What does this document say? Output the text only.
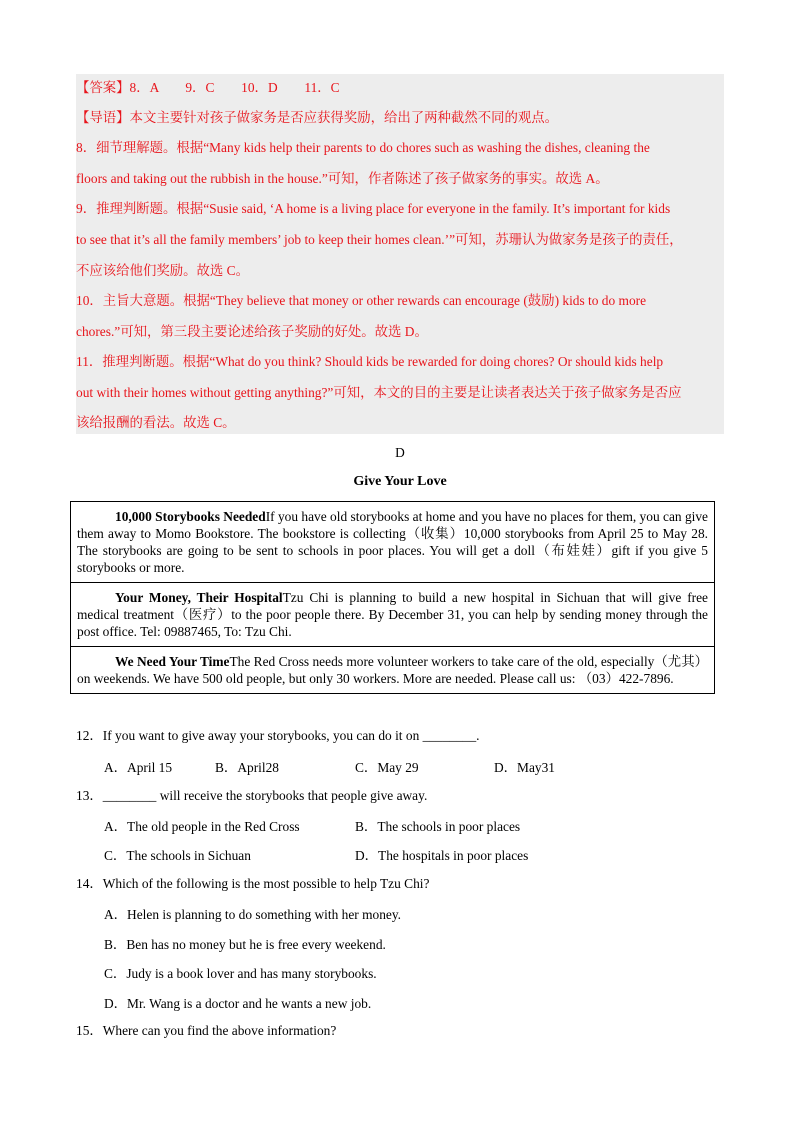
【答案】8．A　　9．C　　10．D　　11．C
【导语】本文主要针对孩子做家务是否应获得奖励，给出了两种截然不同的观点。
8．细节理解题。根据“Many kids help their parents to do chores such as washing the dishes, cleaning the
floors and taking out the rubbish in the house.”可知，作者陈述了孩子做家务的事实。故选 A。
9．推理判断题。根据“Susie said, ‘A home is a living place for everyone in the family. It’s important for kids
to see that it’s all the family members’ job to keep their homes clean.’”可知，苏珊认为做家务是孩子的责任，
不应该给他们奖励。故选 C。
10．主旨大意题。根据“They believe that money or other rewards can encourage (鼓励) kids to do more
chores.”可知，第三段主要论述给孩子奖励的好处。故选 D。
11．推理判断题。根据“What do you think? Should kids be rewarded for doing chores? Or should kids help
out with their homes without getting anything?”可知，本文的目的主要是让读者表达关于孩子做家务是否应
该给报酬的看法。故选 C。
D
Give Your Love
10,000 Storybooks NeededIf you have old storybooks at home and you have no places for them, you can give them away to Momo Bookstore. The bookstore is collecting（收集）10,000 storybooks from April 25 to May 28. The storybooks are going to be sent to schools in poor places. You will get a doll（布娃娃）gift if you give 5 storybooks or more.
Your Money, Their HospitalTzu Chi is planning to build a new hospital in Sichuan that will give free medical treatment（医疗）to the poor people there. By December 31, you can help by sending money through the post office. Tel: 09887465, To: Tzu Chi.
We Need Your TimeThe Red Cross needs more volunteer workers to take care of the old, especially（尤其）on weekends. We have 500 old people, but only 30 workers. More are needed. Please call us: （03）422-7896.
12．If you want to give away your storybooks, you can do it on ________.
A．April 15	B．April28	C．May 29	D．May31
13．________ will receive the storybooks that people give away.
A．The old people in the Red Cross	B．The schools in poor places
C．The schools in Sichuan	D．The hospitals in poor places
14．Which of the following is the most possible to help Tzu Chi?
A．Helen is planning to do something with her money.
B．Ben has no money but he is free every weekend.
C．Judy is a book lover and has many storybooks.
D．Mr. Wang is a doctor and he wants a new job.
15．Where can you find the above information?
